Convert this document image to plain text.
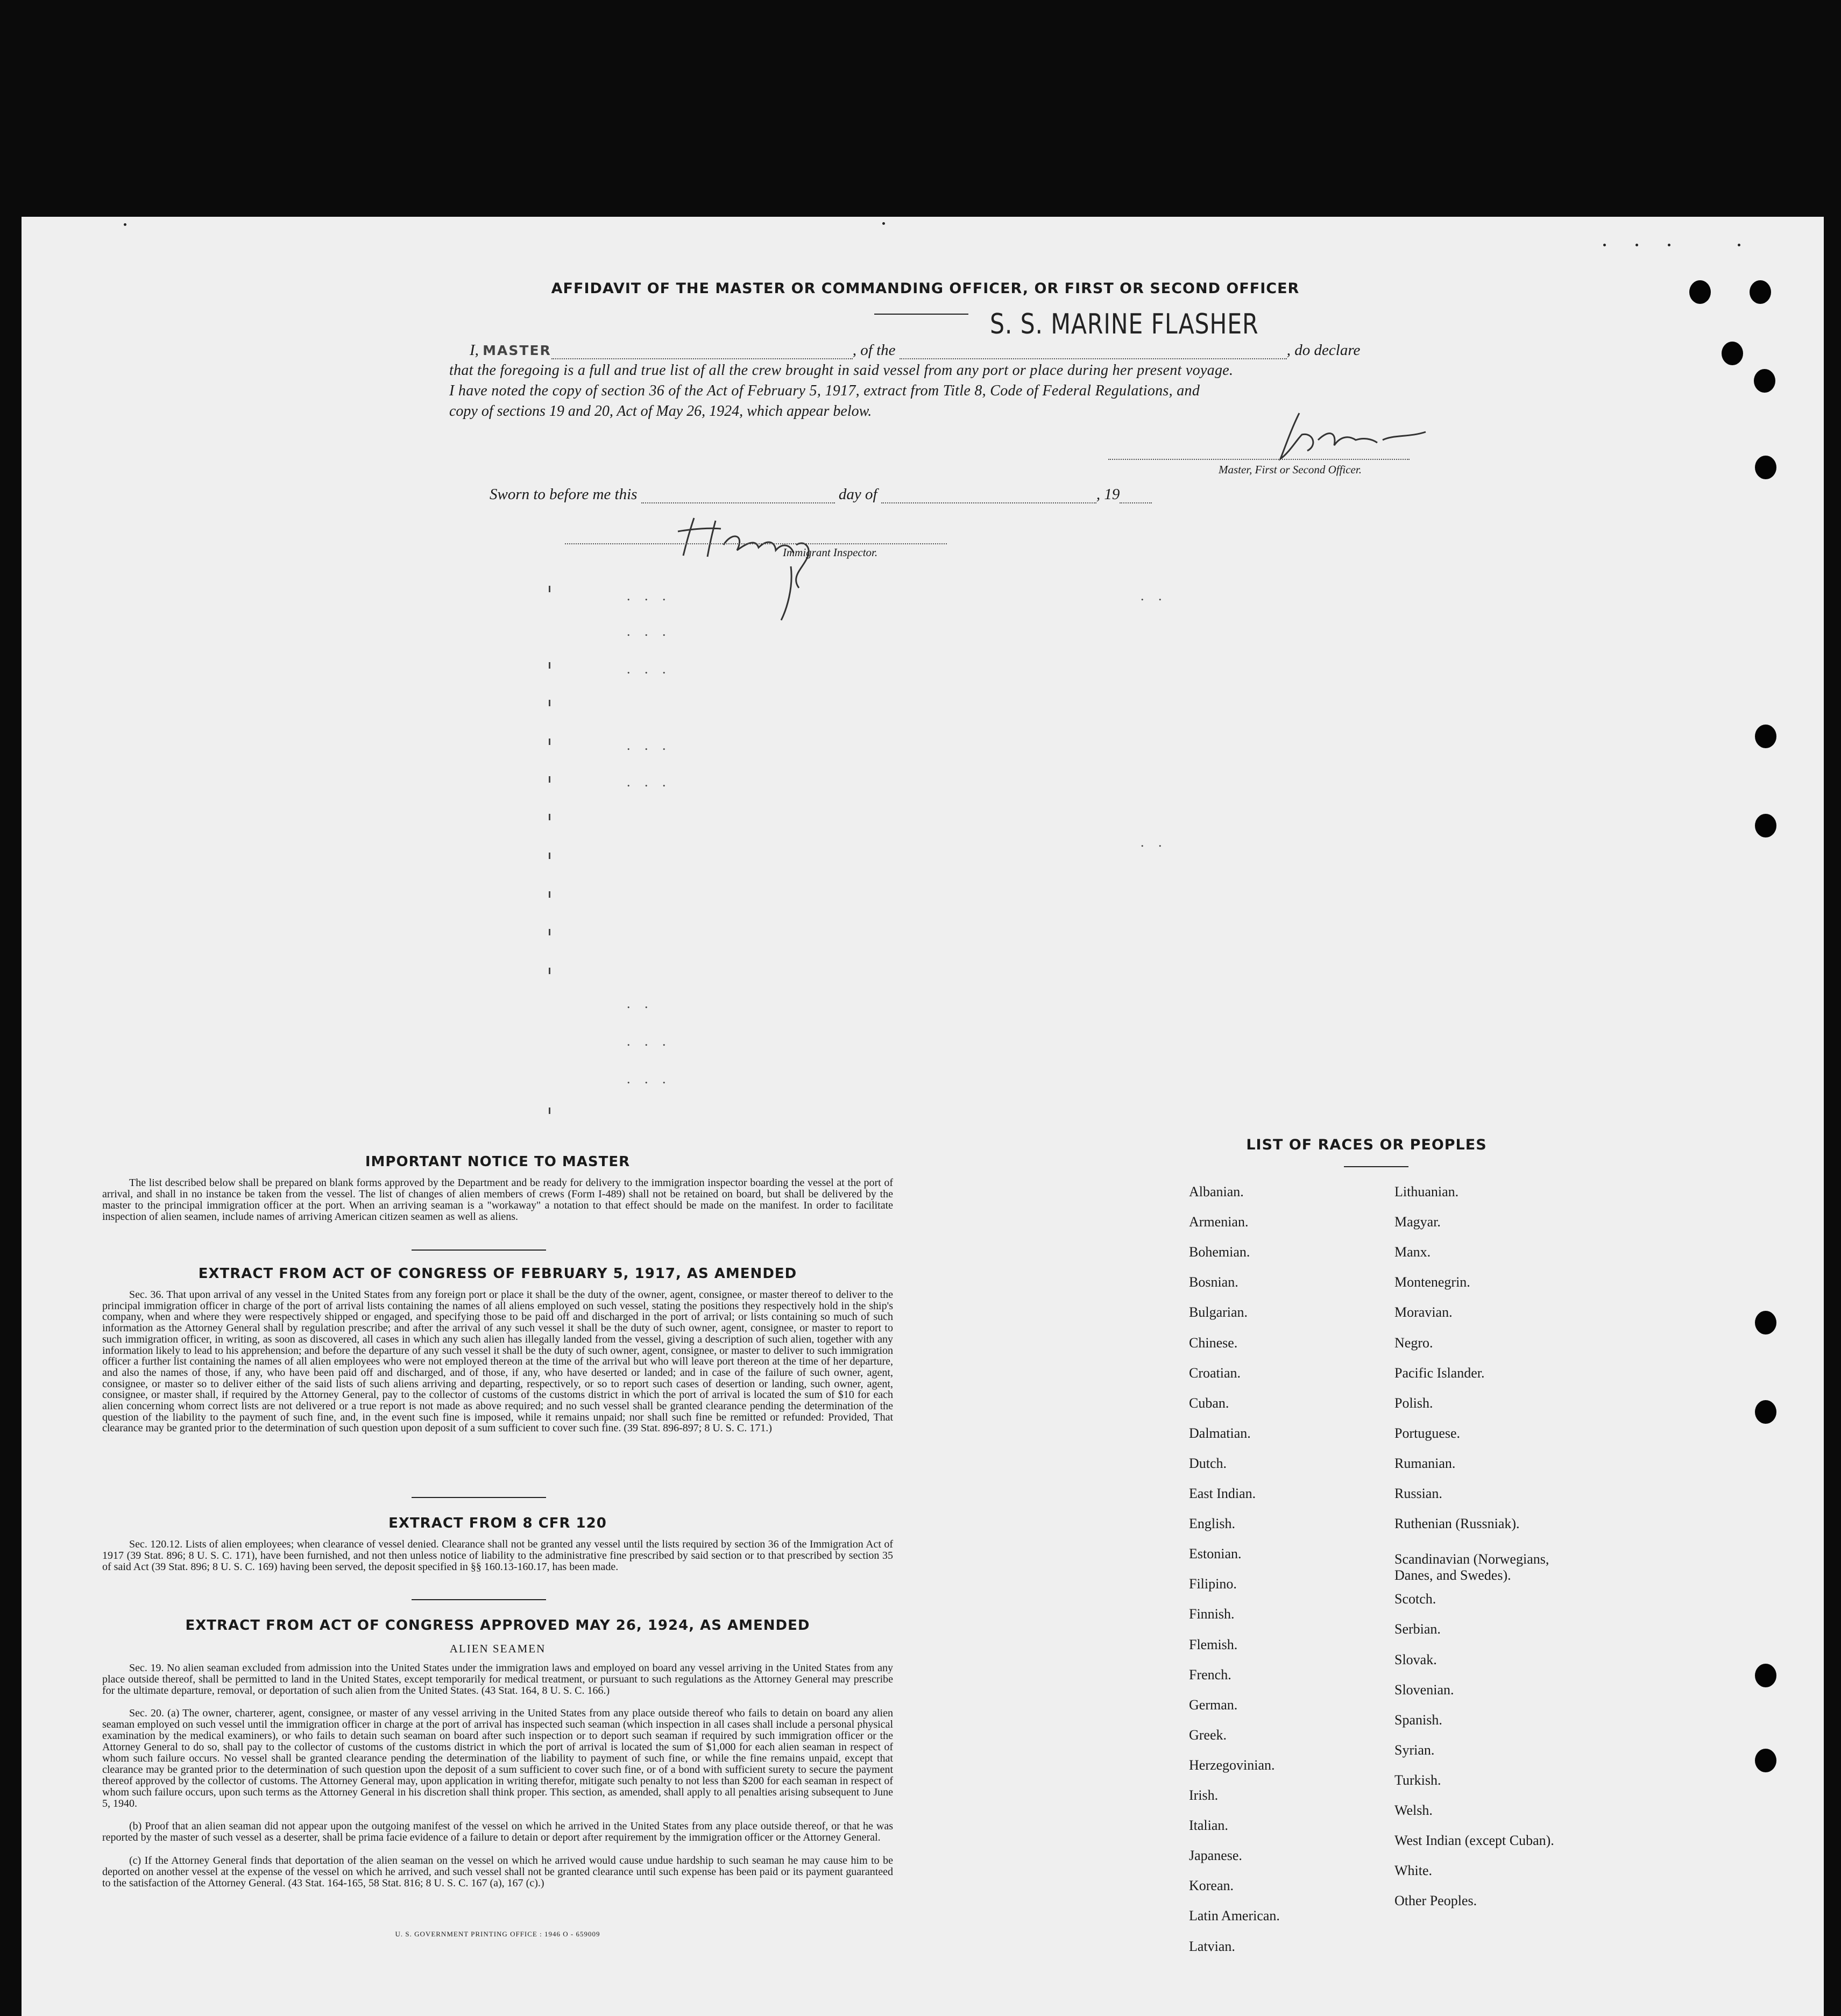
AFFIDAVIT OF THE MASTER OR COMMANDING OFFICER, OR FIRST OR SECOND OFFICER
S. S. MARINE FLASHER
I, MASTER	, of the	, do declare
that the foregoing is a full and true list of all the crew brought in said vessel from any port or place during her present voyage.
I have noted the copy of section 36 of the Act of February 5, 1917, extract from Title 8, Code of Federal Regulations, and
copy of sections 19 and 20, Act of May 26, 1924, which appear below.
Master, First or Second Officer.
Sworn to before me this	day of	, 19
Immigrant Inspector.
. . .	. .
. . .
. . .
. . .
. . .
. .
. .
. . .
. . .
IMPORTANT NOTICE TO MASTER
The list described below shall be prepared on blank forms approved by the Department and be ready for delivery to the immigration inspector boarding the vessel at the port of arrival, and shall in no instance be taken from the vessel. The list of changes of alien members of crews (Form I-489) shall not be retained on board, but shall be delivered by the master to the principal immigration officer at the port. When an arriving seaman is a "workaway" a notation to that effect should be made on the manifest. In order to facilitate inspection of alien seamen, include names of arriving American citizen seamen as well as aliens.
EXTRACT FROM ACT OF CONGRESS OF FEBRUARY 5, 1917, AS AMENDED
Sec. 36. That upon arrival of any vessel in the United States from any foreign port or place it shall be the duty of the owner, agent, consignee, or master thereof to deliver to the principal immigration officer in charge of the port of arrival lists containing the names of all aliens employed on such vessel, stating the positions they respectively hold in the ship's company, when and where they were respectively shipped or engaged, and specifying those to be paid off and discharged in the port of arrival; or lists containing so much of such information as the Attorney General shall by regulation prescribe; and after the arrival of any such vessel it shall be the duty of such owner, agent, consignee, or master to report to such immigration officer, in writing, as soon as discovered, all cases in which any such alien has illegally landed from the vessel, giving a description of such alien, together with any information likely to lead to his apprehension; and before the departure of any such vessel it shall be the duty of such owner, agent, consignee, or master to deliver to such immigration officer a further list containing the names of all alien employees who were not employed thereon at the time of the arrival but who will leave port thereon at the time of her departure, and also the names of those, if any, who have been paid off and discharged, and of those, if any, who have deserted or landed; and in case of the failure of such owner, agent, consignee, or master so to deliver either of the said lists of such aliens arriving and departing, respectively, or so to report such cases of desertion or landing, such owner, agent, consignee, or master shall, if required by the Attorney General, pay to the collector of customs of the customs district in which the port of arrival is located the sum of $10 for each alien concerning whom correct lists are not delivered or a true report is not made as above required; and no such vessel shall be granted clearance pending the determination of the question of the liability to the payment of such fine, and, in the event such fine is imposed, while it remains unpaid; nor shall such fine be remitted or refunded: Provided, That clearance may be granted prior to the determination of such question upon deposit of a sum sufficient to cover such fine. (39 Stat. 896-897; 8 U. S. C. 171.)
EXTRACT FROM 8 CFR 120
Sec. 120.12. Lists of alien employees; when clearance of vessel denied. Clearance shall not be granted any vessel until the lists required by section 36 of the Immigration Act of 1917 (39 Stat. 896; 8 U. S. C. 171), have been furnished, and not then unless notice of liability to the administrative fine prescribed by said section or to that prescribed by section 35 of said Act (39 Stat. 896; 8 U. S. C. 169) having been served, the deposit specified in §§ 160.13-160.17, has been made.
EXTRACT FROM ACT OF CONGRESS APPROVED MAY 26, 1924, AS AMENDED
ALIEN SEAMEN
Sec. 19. No alien seaman excluded from admission into the United States under the immigration laws and employed on board any vessel arriving in the United States from any place outside thereof, shall be permitted to land in the United States, except temporarily for medical treatment, or pursuant to such regulations as the Attorney General may prescribe for the ultimate departure, removal, or deportation of such alien from the United States. (43 Stat. 164, 8 U. S. C. 166.)
Sec. 20. (a) The owner, charterer, agent, consignee, or master of any vessel arriving in the United States from any place outside thereof who fails to detain on board any alien seaman employed on such vessel until the immigration officer in charge at the port of arrival has inspected such seaman (which inspection in all cases shall include a personal physical examination by the medical examiners), or who fails to detain such seaman on board after such inspection or to deport such seaman if required by such immigration officer or the Attorney General to do so, shall pay to the collector of customs of the customs district in which the port of arrival is located the sum of $1,000 for each alien seaman in respect of whom such failure occurs. No vessel shall be granted clearance pending the determination of the liability to payment of such fine, or while the fine remains unpaid, except that clearance may be granted prior to the determination of such question upon the deposit of a sum sufficient to cover such fine, or of a bond with sufficient surety to secure the payment thereof approved by the collector of customs. The Attorney General may, upon application in writing therefor, mitigate such penalty to not less than $200 for each seaman in respect of whom such failure occurs, upon such terms as the Attorney General in his discretion shall think proper. This section, as amended, shall apply to all penalties arising subsequent to June 5, 1940.
(b) Proof that an alien seaman did not appear upon the outgoing manifest of the vessel on which he arrived in the United States from any place outside thereof, or that he was reported by the master of such vessel as a deserter, shall be prima facie evidence of a failure to detain or deport after requirement by the immigration officer or the Attorney General.
(c) If the Attorney General finds that deportation of the alien seaman on the vessel on which he arrived would cause undue hardship to such seaman he may cause him to be deported on another vessel at the expense of the vessel on which he arrived, and such vessel shall not be granted clearance until such expense has been paid or its payment guaranteed to the satisfaction of the Attorney General. (43 Stat. 164-165, 58 Stat. 816; 8 U. S. C. 167 (a), 167 (c).)
U. S. GOVERNMENT PRINTING OFFICE : 1946 O - 659009
LIST OF RACES OR PEOPLES
Albanian.
Armenian.
Bohemian.
Bosnian.
Bulgarian.
Chinese.
Croatian.
Cuban.
Dalmatian.
Dutch.
East Indian.
English.
Estonian.
Filipino.
Finnish.
Flemish.
French.
German.
Greek.
Herzegovinian.
Irish.
Italian.
Japanese.
Korean.
Latin American.
Latvian.
Lithuanian.
Magyar.
Manx.
Montenegrin.
Moravian.
Negro.
Pacific Islander.
Polish.
Portuguese.
Rumanian.
Russian.
Ruthenian (Russniak).
Scandinavian (Norwegians, Danes, and Swedes).
Scotch.
Serbian.
Slovak.
Slovenian.
Spanish.
Syrian.
Turkish.
Welsh.
West Indian (except Cuban).
White.
Other Peoples.
